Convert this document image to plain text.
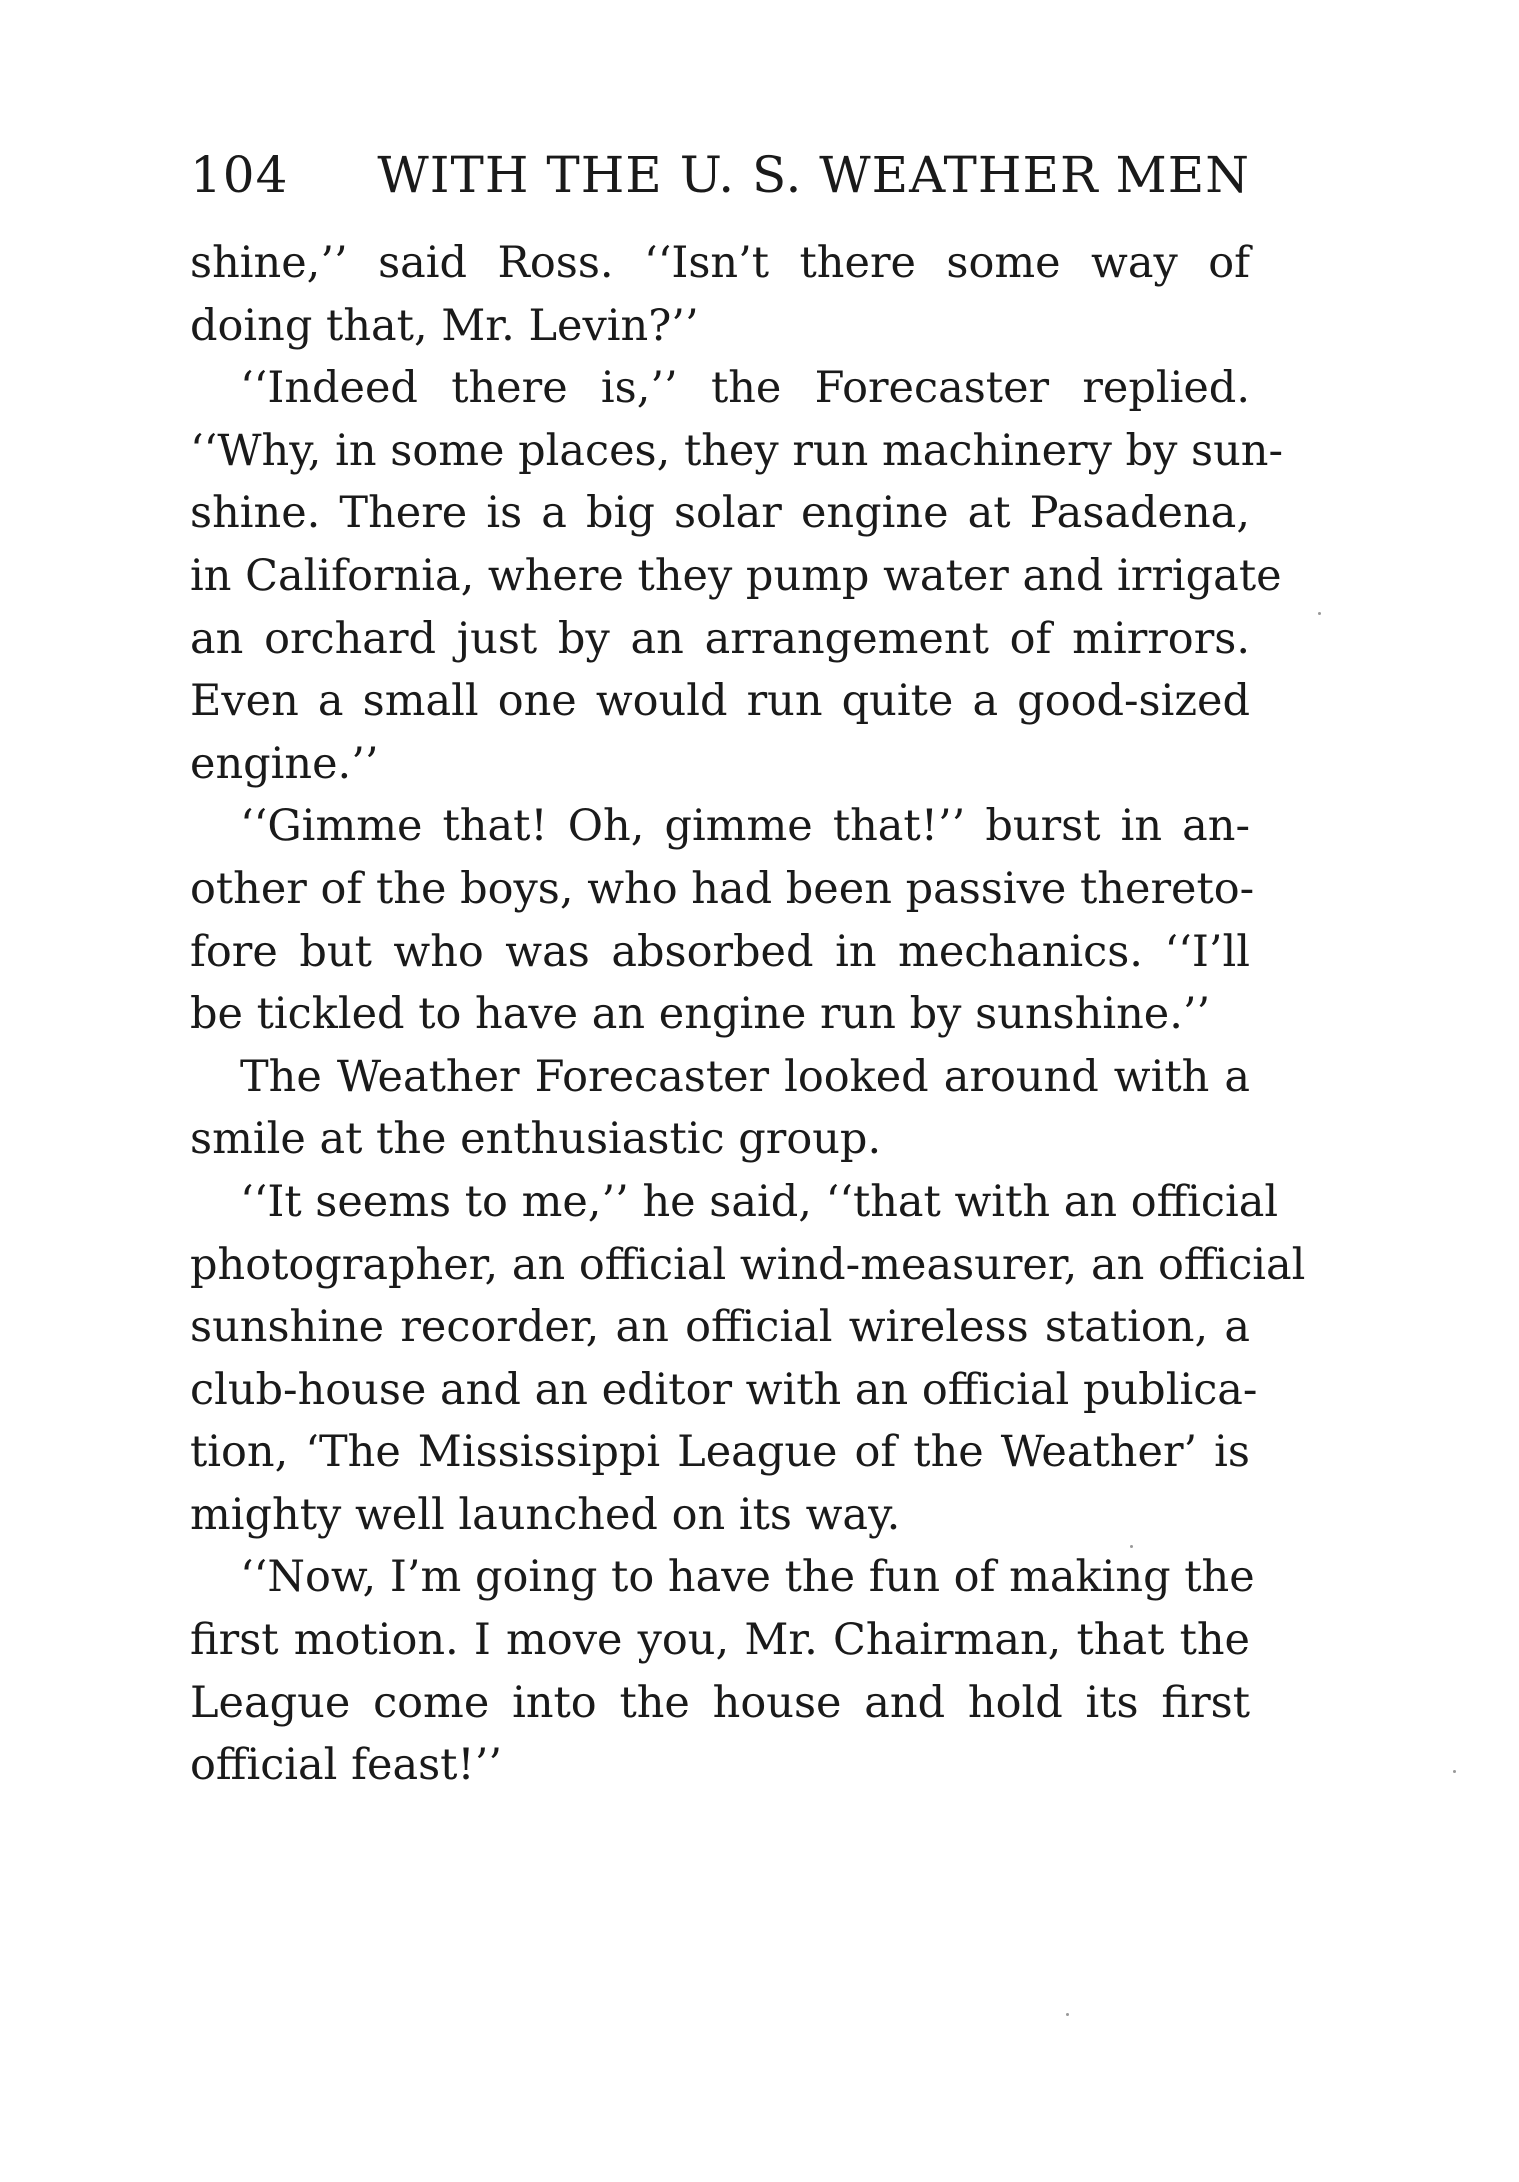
104 WITH THE U. S. WEATHER MEN
shine,’’ said Ross. ‘‘Isn’t there some way of
doing that, Mr. Levin?’’
‘‘Indeed there is,’’ the Forecaster replied.
‘‘Why, in some places, they run machinery by sun-
shine. There is a big solar engine at Pasadena,
in California, where they pump water and irrigate
an orchard just by an arrangement of mirrors.
Even a small one would run quite a good-sized
engine.’’
‘‘Gimme that! Oh, gimme that!’’ burst in an-
other of the boys, who had been passive thereto-
fore but who was absorbed in mechanics. ‘‘I’ll
be tickled to have an engine run by sunshine.’’
The Weather Forecaster looked around with a
smile at the enthusiastic group.
‘‘It seems to me,’’ he said, ‘‘that with an official
photographer, an official wind-measurer, an official
sunshine recorder, an official wireless station, a
club-house and an editor with an official publica-
tion, ‘The Mississippi League of the Weather’ is
mighty well launched on its way.
‘‘Now, I’m going to have the fun of making the
first motion. I move you, Mr. Chairman, that the
League come into the house and hold its first
official feast!’’
